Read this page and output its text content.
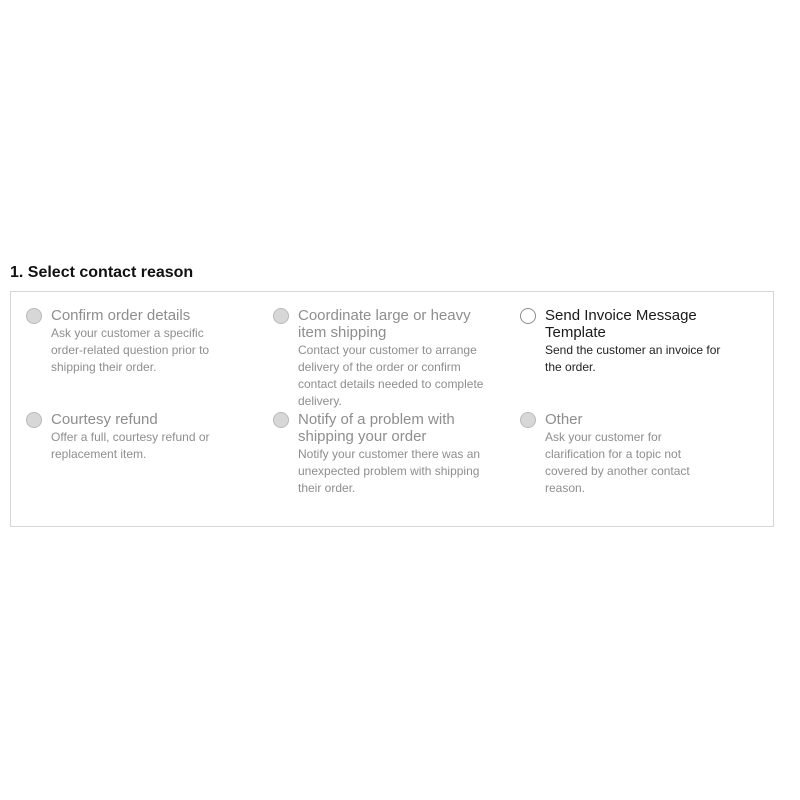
1. Select contact reason
Confirm order details
Ask your customer a specific order-related question prior to shipping their order.
Coordinate large or heavy item shipping
Contact your customer to arrange delivery of the order or confirm contact details needed to complete delivery.
Send Invoice Message Template
Send the customer an invoice for the order.
Courtesy refund
Offer a full, courtesy refund or replacement item.
Notify of a problem with shipping your order
Notify your customer there was an unexpected problem with shipping their order.
Other
Ask your customer for clarification for a topic not covered by another contact reason.
